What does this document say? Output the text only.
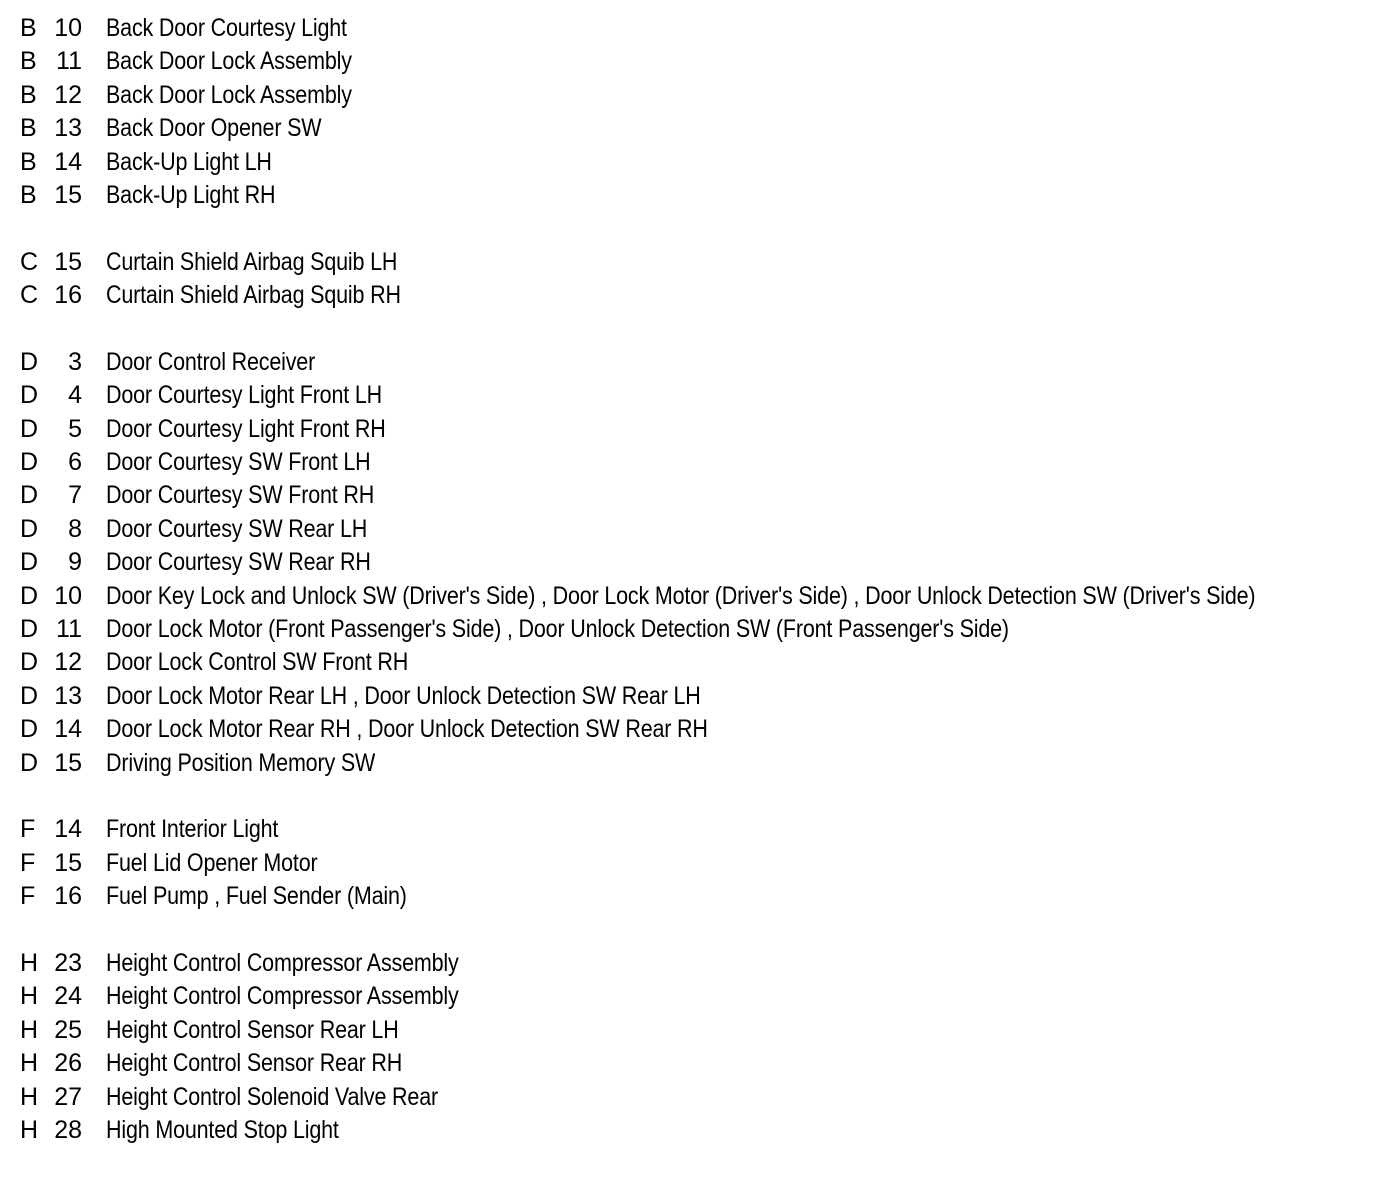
B 10 Back Door Courtesy Light
B 11 Back Door Lock Assembly
B 12 Back Door Lock Assembly
B 13 Back Door Opener SW
B 14 Back-Up Light LH
B 15 Back-Up Light RH
C 15 Curtain Shield Airbag Squib LH
C 16 Curtain Shield Airbag Squib RH
D	3 Door Control Receiver
D	4 Door Courtesy Light Front LH
D	5 Door Courtesy Light Front RH
D	6 Door Courtesy SW Front LH
D	7 Door Courtesy SW Front RH
D	8 Door Courtesy SW Rear LH
D	9 Door Courtesy SW Rear RH
D 10 Door Key Lock and Unlock SW (Driver's Side) , Door Lock Motor (Driver's Side) , Door Unlock Detection SW (Driver's Side)
D 11 Door Lock Motor (Front Passenger's Side) , Door Unlock Detection SW (Front Passenger's Side)
D 12 Door Lock Control SW Front RH
D 13 Door Lock Motor Rear LH , Door Unlock Detection SW Rear LH
D 14 Door Lock Motor Rear RH , Door Unlock Detection SW Rear RH
D 15 Driving Position Memory SW
F 14 Front Interior Light
F 15 Fuel Lid Opener Motor
F 16 Fuel Pump , Fuel Sender (Main)
H 23 Height Control Compressor Assembly
H 24 Height Control Compressor Assembly
H 25 Height Control Sensor Rear LH
H 26 Height Control Sensor Rear RH
H 27 Height Control Solenoid Valve Rear
H 28 High Mounted Stop Light
